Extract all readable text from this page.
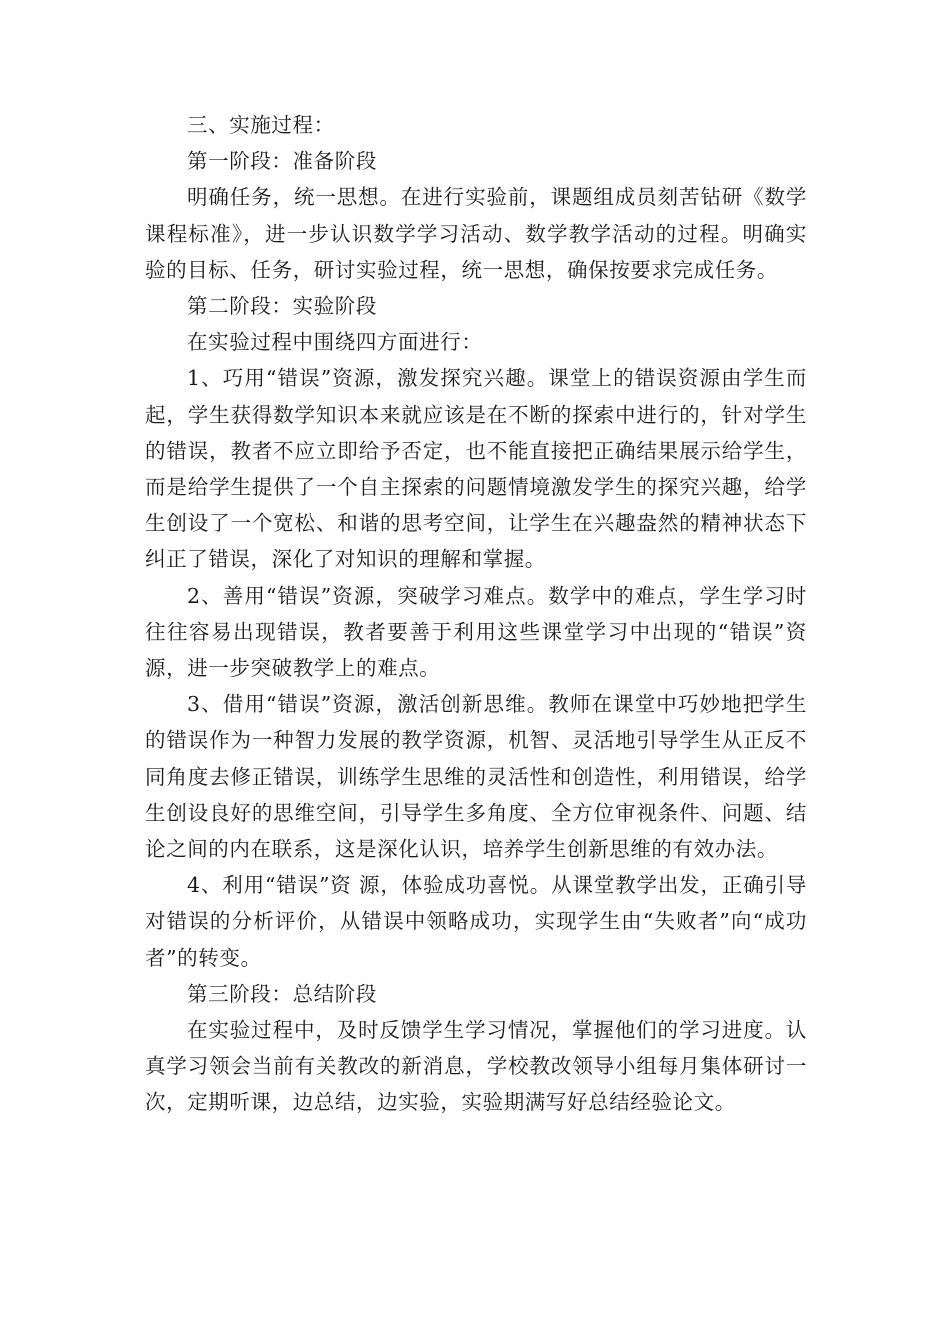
三、实施过程：

第一阶段：准备阶段

明确任务，统一思想。在进行实验前，课题组成员刻苦钻研《数学课程标准》，进一步认识数学学习活动、数学教学活动的过程。明确实验的目标、任务，研讨实验过程，统一思想，确保按要求完成任务。

第二阶段：实验阶段

在实验过程中围绕四方面进行：

1、巧用“错误”资源，激发探究兴趣。课堂上的错误资源由学生而起，学生获得数学知识本来就应该是在不断的探索中进行的，针对学生的错误，教者不应立即给予否定，也不能直接把正确结果展示给学生，而是给学生提供了一个自主探索的问题情境激发学生的探究兴趣，给学生创设了一个宽松、和谐的思考空间，让学生在兴趣盎然的精神状态下纠正了错误，深化了对知识的理解和掌握。

2、善用“错误”资源，突破学习难点。数学中的难点，学生学习时往往容易出现错误，教者要善于利用这些课堂学习中出现的“错误”资源，进一步突破教学上的难点。

3、借用“错误”资源，激活创新思维。教师在课堂中巧妙地把学生的错误作为一种智力发展的教学资源，机智、灵活地引导学生从正反不同角度去修正错误，训练学生思维的灵活性和创造性，利用错误，给学生创设良好的思维空间，引导学生多角度、全方位审视条件、问题、结论之间的内在联系，这是深化认识，培养学生创新思维的有效办法。

4、利用“错误”资 源，体验成功喜悦。从课堂教学出发，正确引导对错误的分析评价，从错误中领略成功，实现学生由“失败者”向“成功者”的转变。

第三阶段：总结阶段

在实验过程中，及时反馈学生学习情况，掌握他们的学习进度。认真学习领会当前有关教改的新消息，学校教改领导小组每月集体研讨一次，定期听课，边总结，边实验，实验期满写好总结经验论文。
